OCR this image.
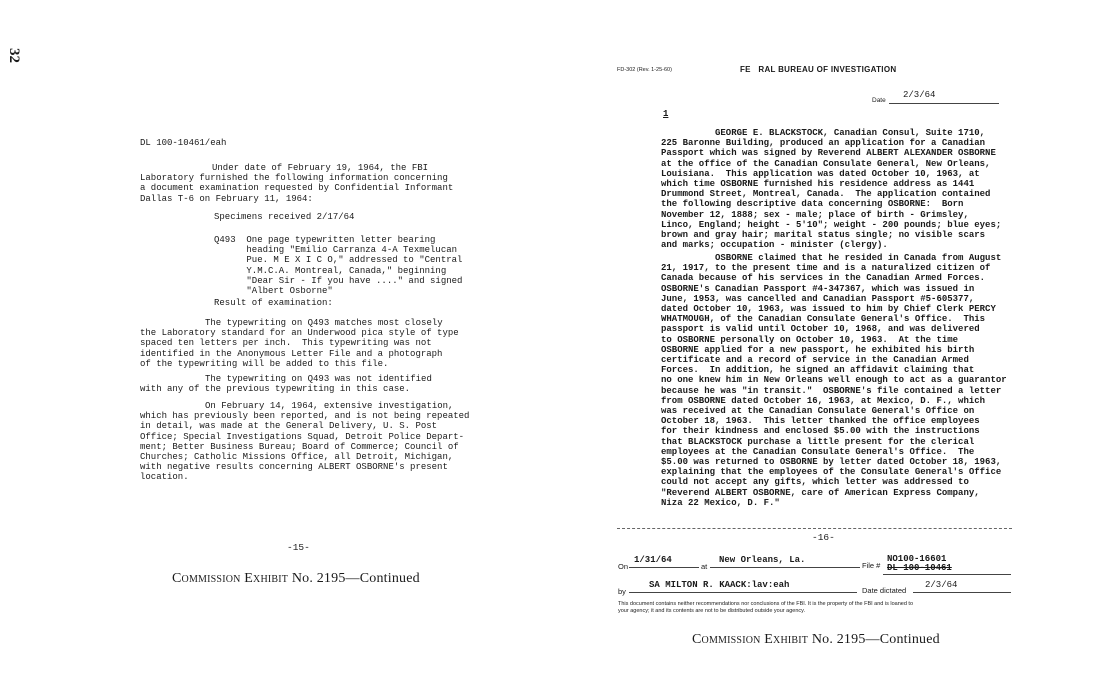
32
DL 100-10461/eah
Under date of February 19, 1964, the FBI
Laboratory furnished the following information concerning
a document examination requested by Confidential Informant
Dallas T-6 on February 11, 1964:
Specimens received 2/17/64
Q493  One page typewritten letter bearing
heading "Emilio Carranza 4-A Texmelucan
Pue. M E X I C O," addressed to "Central
Y.M.C.A. Montreal, Canada," beginning
"Dear Sir - If you have ...." and signed
"Albert Osborne"
Result of examination:
The typewriting on Q493 matches most closely
the Laboratory standard for an Underwood pica style of type
spaced ten letters per inch.  This typewriting was not
identified in the Anonymous Letter File and a photograph
of the typewriting will be added to this file.
The typewriting on Q493 was not identified
with any of the previous typewriting in this case.
On February 14, 1964, extensive investigation,
which has previously been reported, and is not being repeated
in detail, was made at the General Delivery, U. S. Post
Office; Special Investigations Squad, Detroit Police Depart-
ment; Better Business Bureau; Board of Commerce; Council of
Churches; Catholic Missions Office, all Detroit, Michigan,
with negative results concerning ALBERT OSBORNE's present
location.
-15-
Commission Exhibit No. 2195—Continued
FD-302 (Rev. 1-25-60)	FE   RAL BUREAU OF INVESTIGATION
Date
2/3/64
1
GEORGE E. BLACKSTOCK, Canadian Consul, Suite 1710,
225 Baronne Building, produced an application for a Canadian
Passport which was signed by Reverend ALBERT ALEXANDER OSBORNE
at the office of the Canadian Consulate General, New Orleans,
Louisiana.  This application was dated October 10, 1963, at
which time OSBORNE furnished his residence address as 1441
Drummond Street, Montreal, Canada.  The application contained
the following descriptive data concerning OSBORNE:  Born
November 12, 1888; sex - male; place of birth - Grimsley,
Linco, England; height - 5'10"; weight - 200 pounds; blue eyes;
brown and gray hair; marital status single; no visible scars
and marks; occupation - minister (clergy).
OSBORNE claimed that he resided in Canada from August
21, 1917, to the present time and is a naturalized citizen of
Canada because of his services in the Canadian Armed Forces.
OSBORNE's Canadian Passport #4-347367, which was issued in
June, 1953, was cancelled and Canadian Passport #5-605377,
dated October 10, 1963, was issued to him by Chief Clerk PERCY
WHATMOUGH, of the Canadian Consulate General's Office.  This
passport is valid until October 10, 1968, and was delivered
to OSBORNE personally on October 10, 1963.  At the time
OSBORNE applied for a new passport, he exhibited his birth
certificate and a record of service in the Canadian Armed
Forces.  In addition, he signed an affidavit claiming that
no one knew him in New Orleans well enough to act as a guarantor
because he was "in transit."  OSBORNE's file contained a letter
from OSBORNE dated October 16, 1963, at Mexico, D. F., which
was received at the Canadian Consulate General's Office on
October 18, 1963.  This letter thanked the office employees
for their kindness and enclosed $5.00 with the instructions
that BLACKSTOCK purchase a little present for the clerical
employees at the Canadian Consulate General's Office.  The
$5.00 was returned to OSBORNE by letter dated October 18, 1963,
explaining that the employees of the Consulate General's Office
could not accept any gifts, which letter was addressed to
"Reverend ALBERT OSBORNE, care of American Express Company,
Niza 22 Mexico, D. F."
-16-
On
1/31/64
at
New Orleans, La.
File #
NO100-16601
DL 100-10461
by
SA MILTON R. KAACK:lav:eah
Date dictated
2/3/64
This document contains neither recommendations nor conclusions of the FBI. It is the property of the FBI and is loaned to
your agency; it and its contents are not to be distributed outside your agency.
Commission Exhibit No. 2195—Continued
